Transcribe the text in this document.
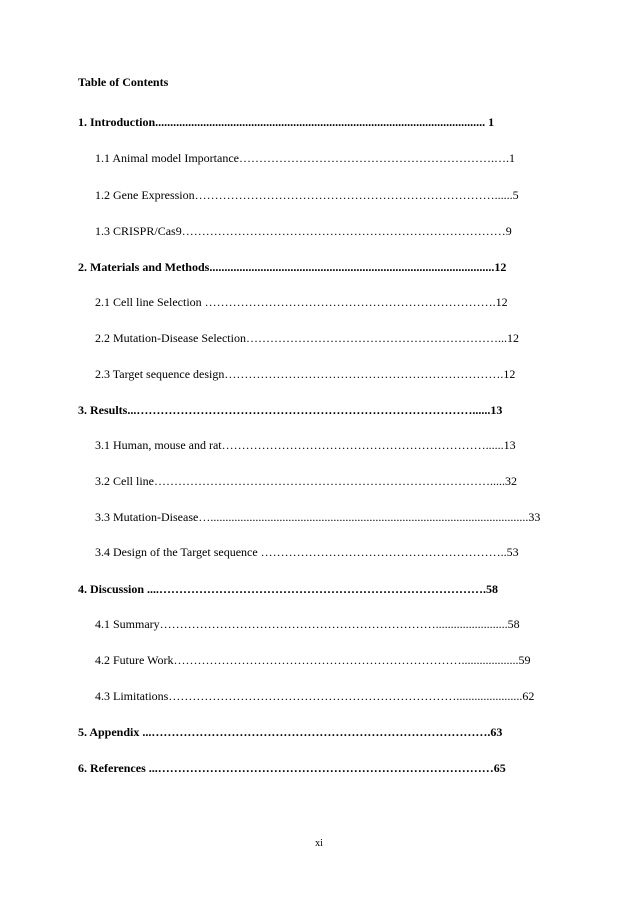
Table of Contents
1. Introduction.............................................................................................................. 1
1.1 Animal model Importance……………………………………………………….….1
1.2 Gene Expression…………………………………………………………………......5
1.3 CRISPR/Cas9………………………………………………………………………9
2. Materials and Methods...............................................................................................12
2.1 Cell line Selection ……………………………………………………………….12
2.2 Mutation-Disease Selection………………………………………………………...12
2.3 Target sequence design…………………………………………………………….12
3. Results...…………………………………………………………………………......13
3.1 Human, mouse and rat…………………………………………………………......13
3.2 Cell line………………………………………………………………………….....32
3.3 Mutation-Disease…..........................................................................................................33
3.4 Design of the Target sequence ……………………………………………………..53
4. Discussion ....……………………………………………………………………….58
4.1 Summary……………………………………………………………........................58
4.2 Future Work………………………………………………………………...................59
4.3 Limitations………………………………………………………………......................62
5. Appendix ...………………………………………………………………………….63
6. References ...…………………………………………………………………………65
xi
